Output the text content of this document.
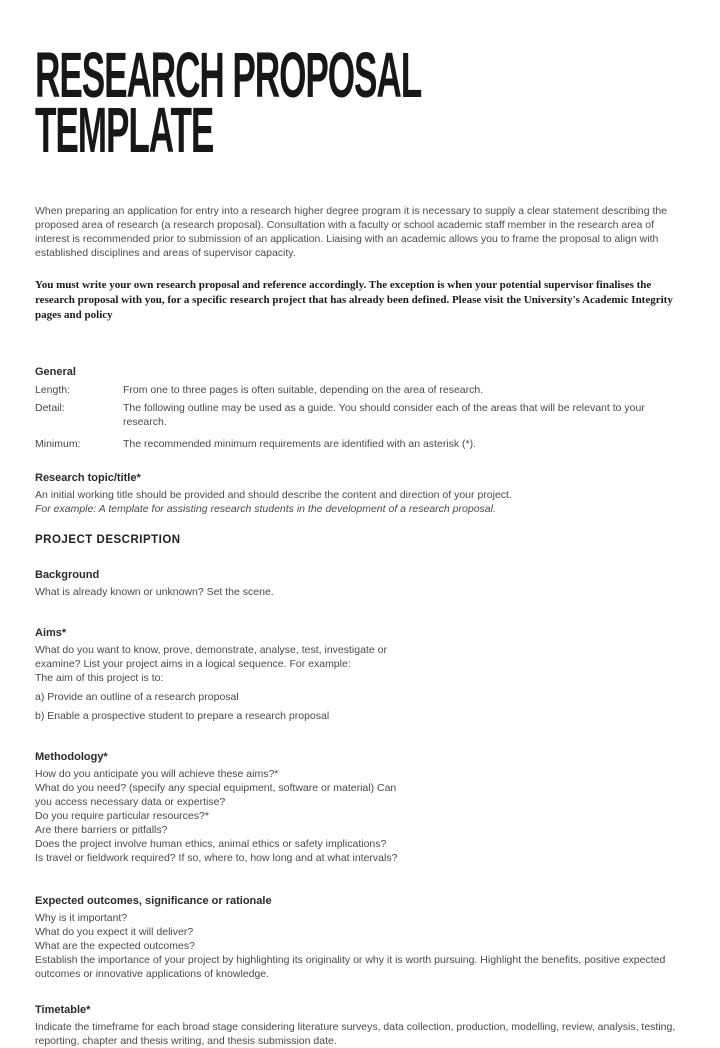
RESEARCH PROPOSAL
TEMPLATE

When preparing an application for entry into a research higher degree program it is necessary to supply a clear statement describing the proposed area of research (a research proposal). Consultation with a faculty or school academic staff member in the research area of interest is recommended prior to submission of an application. Liaising with an academic allows you to frame the proposal to align with established disciplines and areas of supervisor capacity.

You must write your own research proposal and reference accordingly. The exception is when your potential supervisor finalises the research proposal with you, for a specific research project that has already been defined. Please visit the University's Academic Integrity pages and policy

General
Length:	From one to three pages is often suitable, depending on the area of research.
Detail:	The following outline may be used as a guide. You should consider each of the areas that will be relevant to your research.
Minimum:	The recommended minimum requirements are identified with an asterisk (*).
Research topic/title*
An initial working title should be provided and should describe the content and direction of your project.
For example: A template for assisting research students in the development of a research proposal.
PROJECT DESCRIPTION
Background
What is already known or unknown? Set the scene.
Aims*
What do you want to know, prove, demonstrate, analyse, test, investigate or
examine? List your project aims in a logical sequence. For example:
The aim of this project is to:
a) Provide an outline of a research proposal
b) Enable a prospective student to prepare a research proposal
Methodology*
How do you anticipate you will achieve these aims?*
What do you need? (specify any special equipment, software or material) Can
you access necessary data or expertise?
Do you require particular resources?*
Are there barriers or pitfalls?
Does the project involve human ethics, animal ethics or safety implications?
Is travel or fieldwork required? If so, where to, how long and at what intervals?
Expected outcomes, significance or rationale
Why is it important?
What do you expect it will deliver?
What are the expected outcomes?
Establish the importance of your project by highlighting its originality or why it is worth pursuing. Highlight the benefits, positive expected outcomes or innovative applications of knowledge.
Timetable*
Indicate the timeframe for each broad stage considering literature surveys, data collection, production, modelling, review, analysis, testing, reporting, chapter and thesis writing, and thesis submission date.
